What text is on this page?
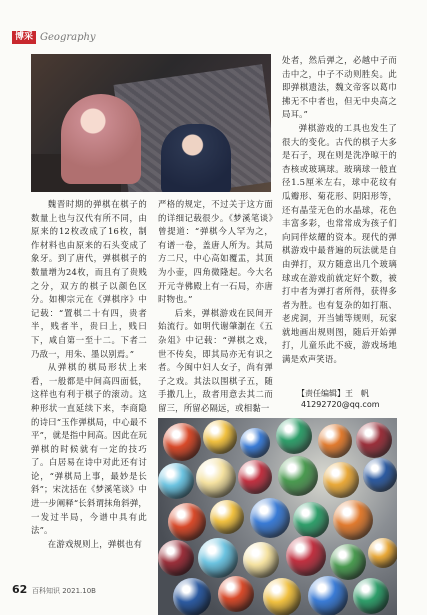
博采 Geography

魏晋时期的弹棋在棋子的数量上也与汉代有所不同，由原来的12枚改成了16枚，制作材料也由原来的石头变成了象牙。到了唐代，弹棋棋子的数量增为24枚，而且有了贵贱之分，双方的棋子以颜色区分。如柳宗元在《弹棋序》中记载：“置棋二十有四，贵者半，贱者半，贵曰上，贱曰下，咸自第一至十二。下者二乃敌一，用朱、墨以别焉。”

从弹棋的棋局形状上来看，一般都是中间高四面低，这样也有利于棋子的滚动。这种形状一直延续下来，李商隐的诗曰“玉作弹棋局，中心最不平”，就是指中间高。因此在玩弹棋的时候就有一定的技巧了。白居易在诗中对此还有讨论，“弹棋局上事，最妙是长斜”；宋沈括在《梦溪笔谈》中进一步阐释“长斜谓抹角斜弹，一发过半局，今谱中具有此法”。

在游戏规则上，弹棋也有

严格的规定，不过关于这方面的详细记载很少。《梦溪笔谈》曾提道：“弹棋今人罕为之，有谱一卷，盖唐人所为。其局方二尺，中心高如覆盂，其顶为小壶，四角微隆起。今大名开元寺佛殿上有一石局，亦唐时物也。”

后来，弹棋游戏在民间开始流行。如明代谢肇淛在《五杂俎》中记载：“弹棋之戏，世不传矣，即其局亦无有识之者。今闽中妇人女子，尚有弹子之戏。其法以围棋子五，随手撒几上，敌者用意去其二而留三，所留必隔远，或相黏一

处者，然后弹之，必越中子而击中之，中子不动则胜矣。此即弹棋遗法，魏文帝客以葛巾拂无不中者也，但无中央高之局耳。”

弹棋游戏的工具也发生了很大的变化。古代的棋子大多是石子，现在则是洗净晾干的杏核或玻璃球。玻璃球一般直径1.5厘米左右，球中花纹有瓜瓣形、菊花形、阴阳形等，还有晶莹无色的水晶球，花色丰富多彩，也常常成为孩子们向同伴炫耀的资本。现代的弹棋游戏中最普遍的玩法就是自由弹打，双方随意出几个玻璃球或在游戏前就定好个数，被打中者为弹打者所得，获得多者为胜。也有复杂的如打瓶、老虎洞，开当铺等规则，玩家就地画出规则图，随后开始弹打，儿童乐此不疲，游戏场地满是欢声笑语。

【责任编辑】王　帆
41292720@qq.com
62 百科知识 2021.10B
